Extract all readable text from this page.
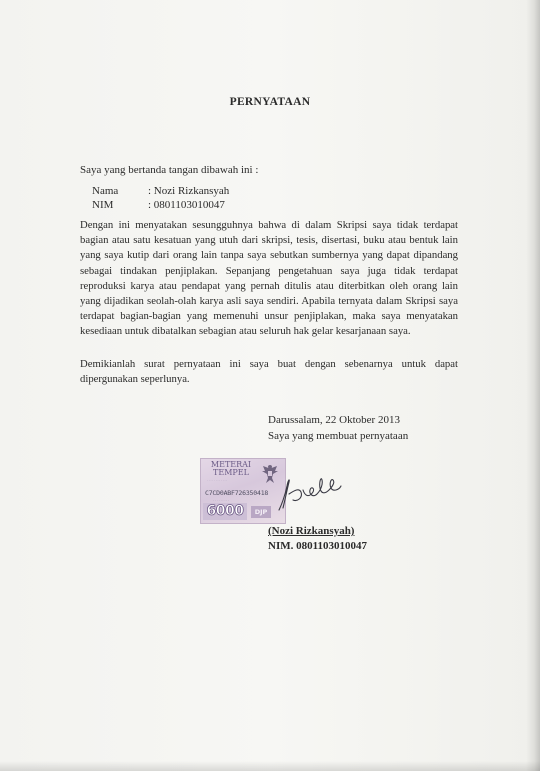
PERNYATAAN
Saya yang bertanda tangan dibawah ini :
Nama	: Nozi Rizkansyah
NIM	: 0801103010047
Dengan ini menyatakan sesungguhnya bahwa di dalam Skripsi saya tidak terdapat bagian atau satu kesatuan yang utuh dari skripsi, tesis, disertasi, buku atau bentuk lain yang saya kutip dari orang lain tanpa saya sebutkan sumbernya yang dapat dipandang sebagai tindakan penjiplakan. Sepanjang pengetahuan saya juga tidak terdapat reproduksi karya atau pendapat yang pernah ditulis atau diterbitkan oleh orang lain yang dijadikan seolah-olah karya asli saya sendiri. Apabila ternyata dalam Skripsi saya terdapat bagian-bagian yang memenuhi unsur penjiplakan, maka saya menyatakan kesediaan untuk dibatalkan sebagian atau seluruh hak gelar kesarjanaan saya.
Demikianlah surat pernyataan ini saya buat dengan sebenarnya untuk dapat dipergunakan seperlunya.
Darussalam, 22 Oktober 2013
Saya yang membuat pernyataan
METERAI
TEMPEL
· · · · · · · · · · · ·
C7CD0ABF726350418
· · · · · · · · ·
6000	DJP
(Nozi Rizkansyah)
NIM. 0801103010047
